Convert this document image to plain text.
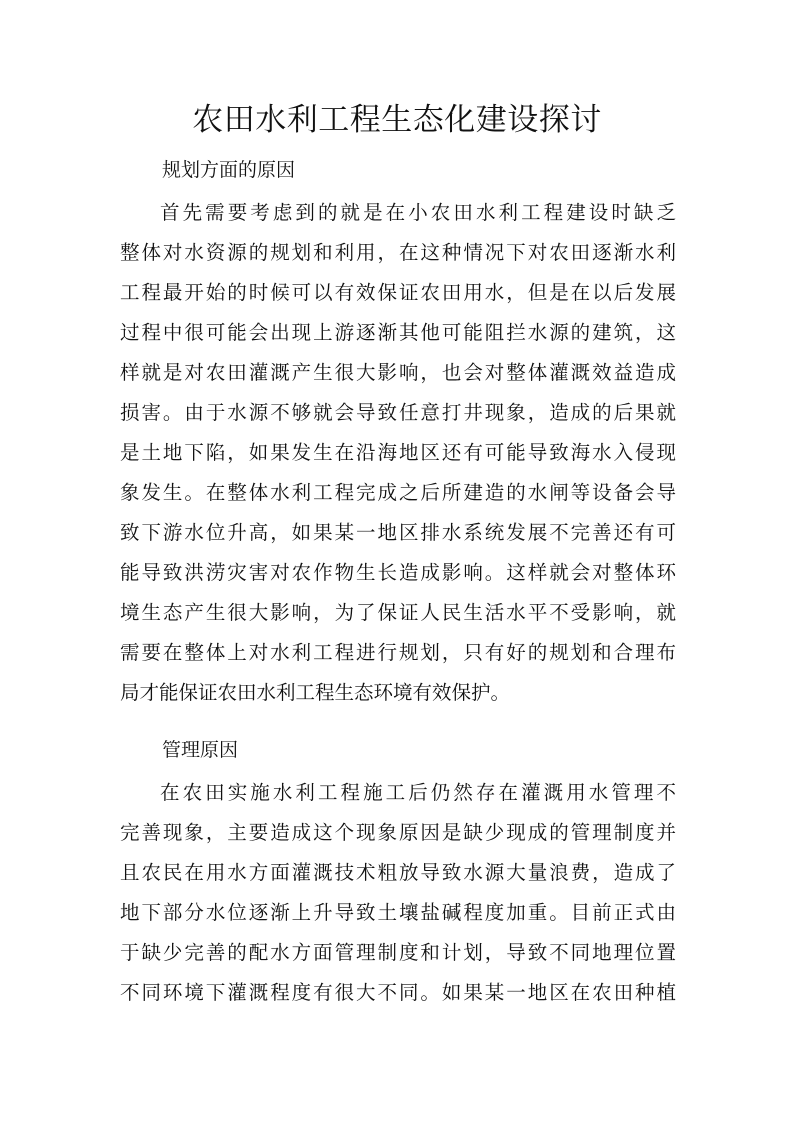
农田水利工程生态化建设探讨

规划方面的原因

首先需要考虑到的就是在小农田水利工程建设时缺乏
整体对水资源的规划和利用，在这种情况下对农田逐渐水利
工程最开始的时候可以有效保证农田用水，但是在以后发展
过程中很可能会出现上游逐渐其他可能阻拦水源的建筑，这
样就是对农田灌溉产生很大影响，也会对整体灌溉效益造成
损害。由于水源不够就会导致任意打井现象，造成的后果就
是土地下陷，如果发生在沿海地区还有可能导致海水入侵现
象发生。在整体水利工程完成之后所建造的水闸等设备会导
致下游水位升高，如果某一地区排水系统发展不完善还有可
能导致洪涝灾害对农作物生长造成影响。这样就会对整体环
境生态产生很大影响，为了保证人民生活水平不受影响，就
需要在整体上对水利工程进行规划，只有好的规划和合理布
局才能保证农田水利工程生态环境有效保护。

管理原因

在农田实施水利工程施工后仍然存在灌溉用水管理不
完善现象，主要造成这个现象原因是缺少现成的管理制度并
且农民在用水方面灌溉技术粗放导致水源大量浪费，造成了
地下部分水位逐渐上升导致土壤盐碱程度加重。目前正式由
于缺少完善的配水方面管理制度和计划，导致不同地理位置
不同环境下灌溉程度有很大不同。如果某一地区在农田种植
